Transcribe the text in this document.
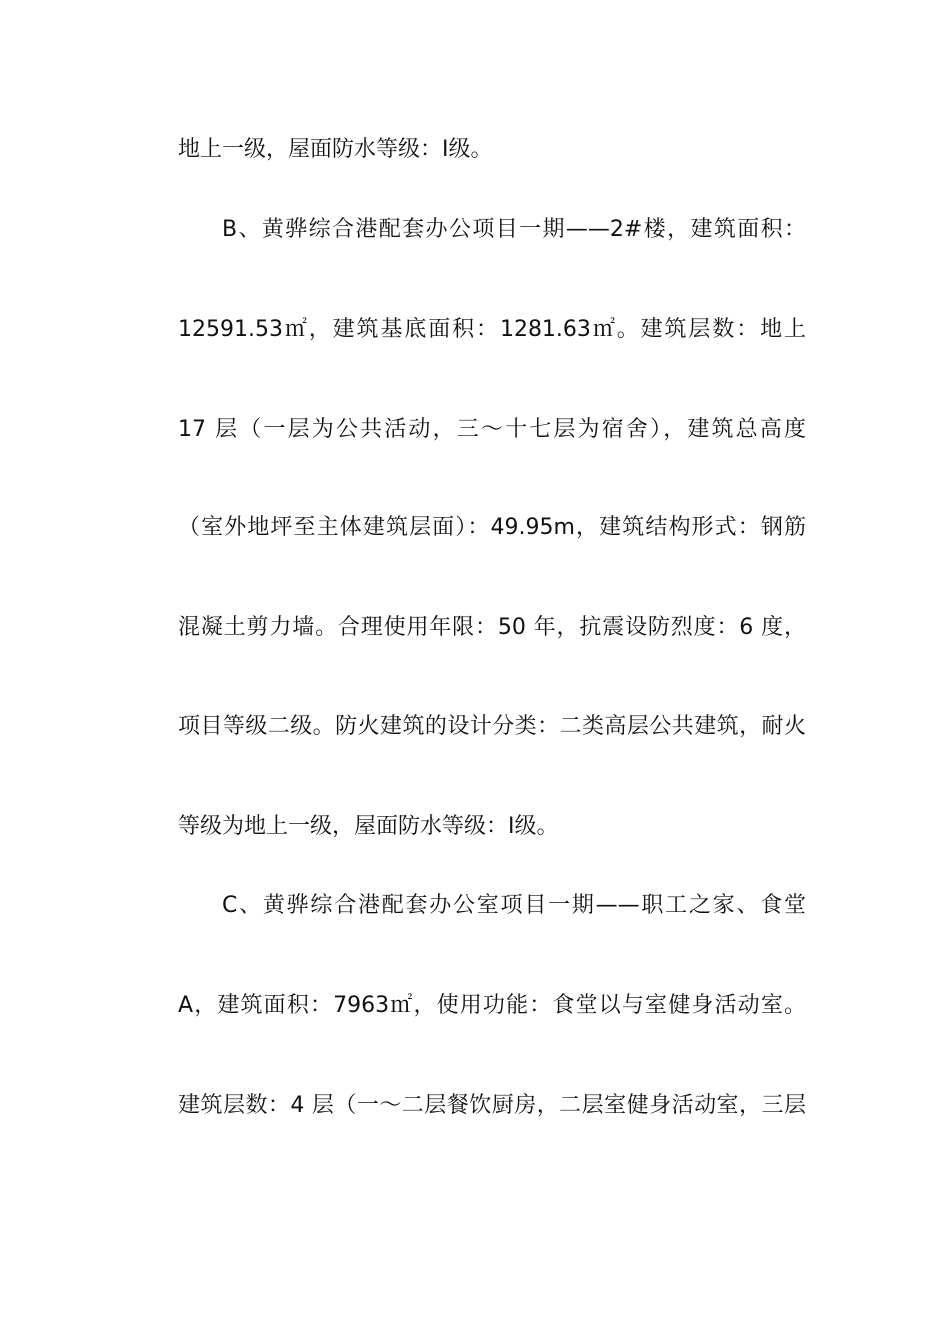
地上一级，屋面防水等级：Ⅰ级。
B、黄骅综合港配套办公项目一期——2#楼，建筑面积：
12591.53㎡，建筑基底面积：1281.63㎡。建筑层数：地上
17 层（一层为公共活动，三～十七层为宿舍），建筑总高度
（室外地坪至主体建筑层面）：49.95m，建筑结构形式：钢筋
混凝土剪力墙。合理使用年限：50 年，抗震设防烈度：6 度，
项目等级二级。防火建筑的设计分类：二类高层公共建筑，耐火
等级为地上一级，屋面防水等级：Ⅰ级。
C、黄骅综合港配套办公室项目一期——职工之家、食堂
A，建筑面积：7963㎡，使用功能：食堂以与室健身活动室。
建筑层数：4 层（一～二层餐饮厨房，二层室健身活动室，三层
